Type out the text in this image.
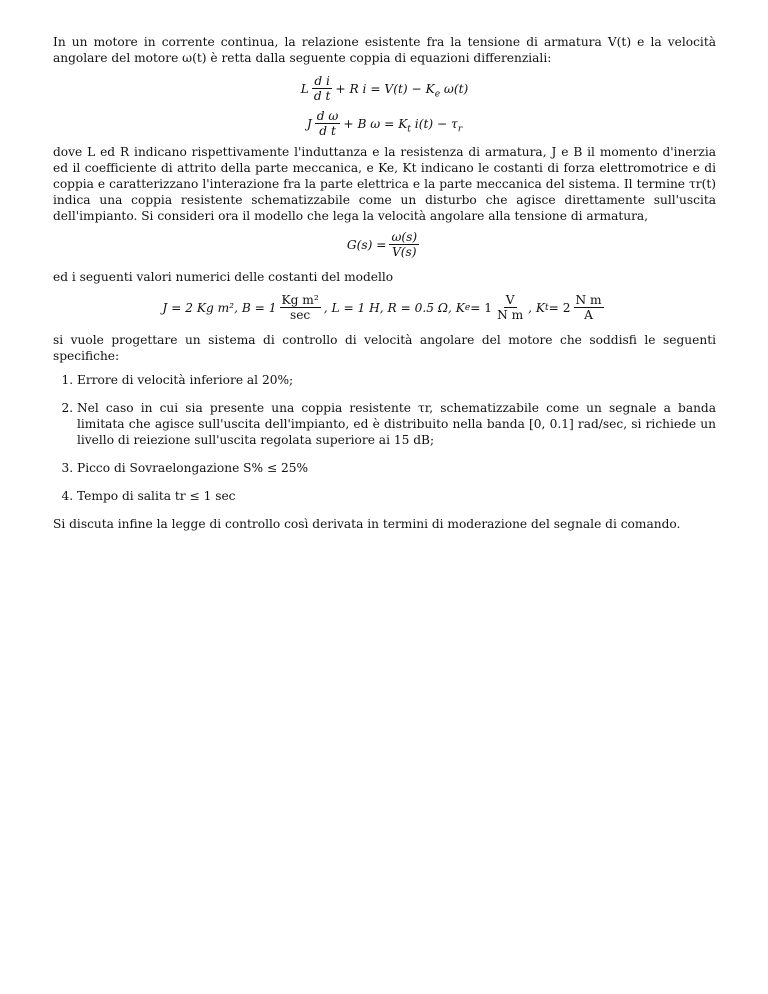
In un motore in corrente continua, la relazione esistente fra la tensione di armatura V(t) e la velocità angolare del motore ω(t) è retta dalla seguente coppia di equazioni differenziali:

L $\frac{\text{d i}}{\text{d t}} + R$ $i = V(t) - K_e$ ω(t)
J $\frac{\text{d ω}}{\text{d t}} + B$ $\omega = K_t$ $i(t) - \tau_r$

dove L ed R indicano rispettivamente l'induttanza e la resistenza di armatura, J e B il momento d'inerzia ed il coefficiente di attrito della parte meccanica, e Ke, Kt indicano le costanti di forza elettromotrice e di coppia e caratterizzano l'interazione fra la parte elettrica e la parte meccanica del sistema. Il termine τr(t) indica una coppia resistente schematizzabile come un disturbo che agisce direttamente sull'uscita dell'impianto. Si consideri ora il modello che lega la velocità angolare alla tensione di armatura,

$G(s) = \frac{\omega(s)}{V(s)}$

ed i seguenti valori numerici delle costanti del modello

J = 2 Kg m², $B = 1 \frac{\text{Kg m²}}{\sec}$ , L = 1 H, R = 0.5 Ω, K $e = 1 \frac{V}{\text{N m}}$ , K $t = 2 \frac{\text{N m}}{A}$

si vuole progettare un sistema di controllo di velocità angolare del motore che soddisfi le seguenti specifiche:

1. Errore di velocità inferiore al 20%;
2. Nel caso in cui sia presente una coppia resistente τr, schematizzabile come un segnale a banda limitata che agisce sull'uscita dell'impianto, ed è distribuito nella banda [0, 0.1] rad/sec, si richiede un livello di reiezione sull'uscita regolata superiore ai 15 dB;
3. Picco di Sovraelongazione S% ≤ 25%
4. Tempo di salita tr ≤ 1 sec

Si discuta infine la legge di controllo così derivata in termini di moderazione del segnale di comando.
